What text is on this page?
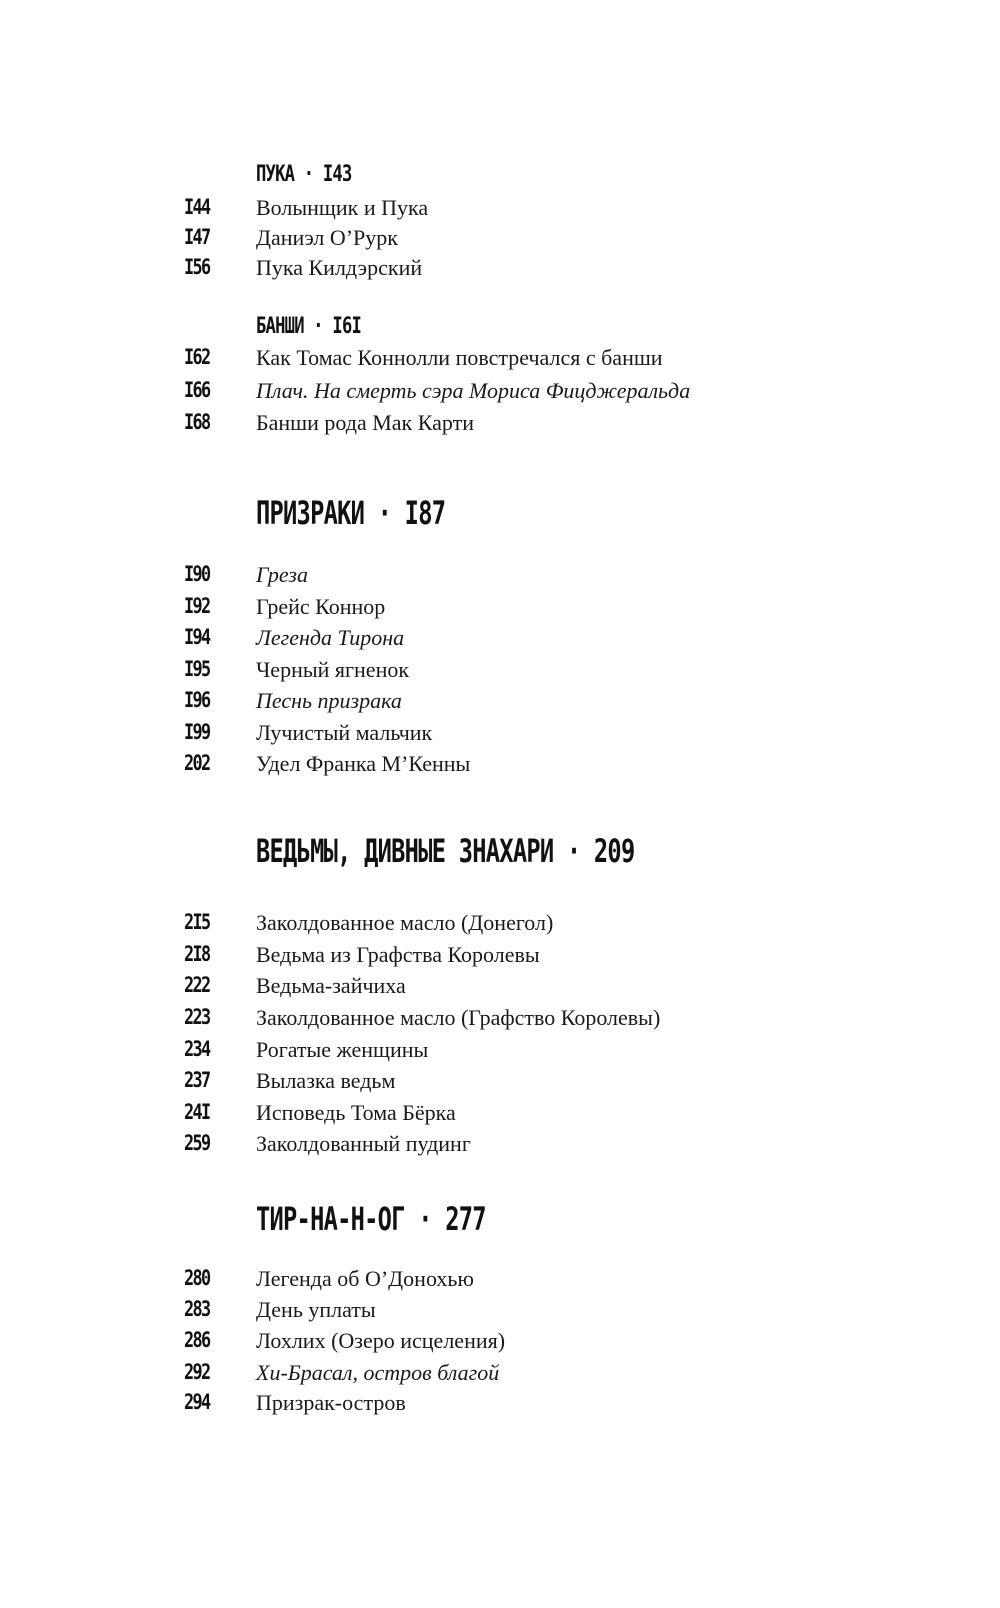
ПУКА · I43
I44	Волынщик и Пука
I47	Даниэл О’Рурк
I56	Пука Килдэрский
БАНШИ · I6I
I62	Как Томас Коннолли повстречался с банши
I66	Плач. На смерть сэра Мориса Фицджеральда
I68	Банши рода Мак Карти
ПРИЗРАКИ · I87
I90	Греза
I92	Грейс Коннор
I94	Легенда Тирона
I95	Черный ягненок
I96	Песнь призрака
I99	Лучистый мальчик
202	Удел Франка М’Кенны
ВЕДЬМЫ, ДИВНЫЕ ЗНАХАРИ · 209
2I5	Заколдованное масло (Донегол)
2I8	Ведьма из Графства Королевы
222	Ведьма-зайчиха
223	Заколдованное масло (Графство Королевы)
234	Рогатые женщины
237	Вылазка ведьм
24I	Исповедь Тома Бёрка
259	Заколдованный пудинг
ТИР-НА-Н-ОГ · 277
280	Легенда об О’Донохью
283	День уплаты
286	Лохлих (Озеро исцеления)
292	Хи-Брасал, остров благой
294	Призрак-остров
